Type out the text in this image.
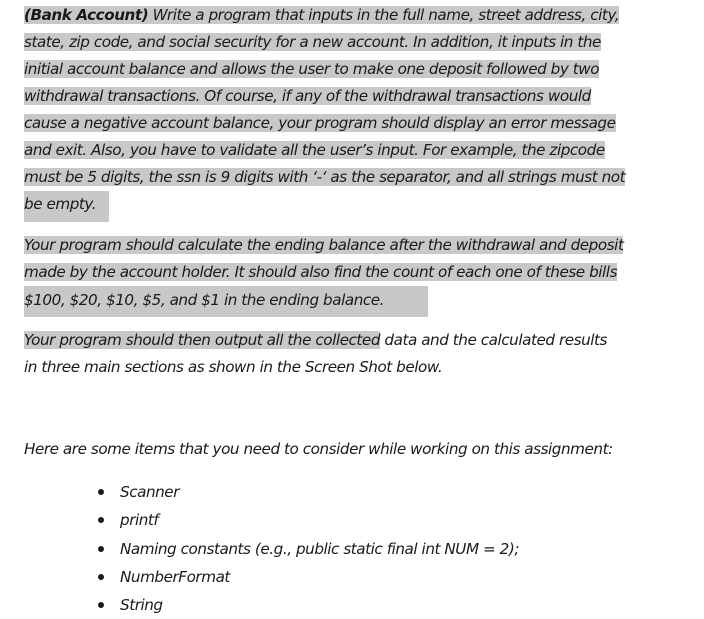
(Bank Account) Write a program that inputs in the full name, street address, city,
state, zip code, and social security for a new account. In addition, it inputs in the
initial account balance and allows the user to make one deposit followed by two
withdrawal transactions. Of course, if any of the withdrawal transactions would
cause a negative account balance, your program should display an error message
and exit. Also, you have to validate all the user’s input. For example, the zipcode
must be 5 digits, the ssn is 9 digits with ‘-‘ as the separator, and all strings must not
be empty.
Your program should calculate the ending balance after the withdrawal and deposit
made by the account holder. It should also find the count of each one of these bills
$100, $20, $10, $5, and $1 in the ending balance.
Your program should then output all the collected data and the calculated results
in three main sections as shown in the Screen Shot below.
Here are some items that you need to consider while working on this assignment:
Scanner
printf
Naming constants (e.g., public static final int NUM = 2);
NumberFormat
String
